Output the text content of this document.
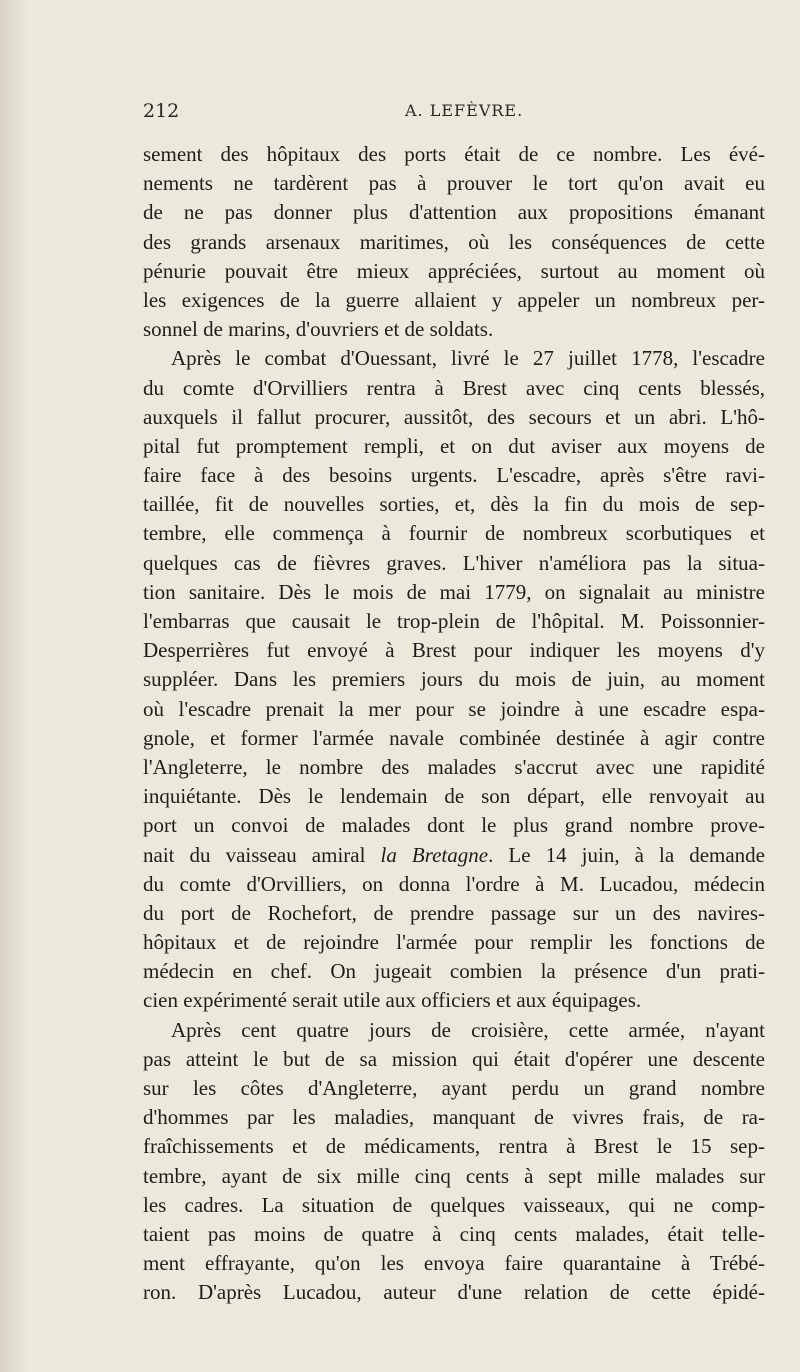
212	A. LEFÈVRE.
sement des hôpitaux des ports était de ce nombre. Les évé-
nements ne tardèrent pas à prouver le tort qu'on avait eu
de ne pas donner plus d'attention aux propositions émanant
des grands arsenaux maritimes, où les conséquences de cette
pénurie pouvait être mieux appréciées, surtout au moment où
les exigences de la guerre allaient y appeler un nombreux per-
sonnel de marins, d'ouvriers et de soldats.
Après le combat d'Ouessant, livré le 27 juillet 1778, l'escadre
du comte d'Orvilliers rentra à Brest avec cinq cents blessés,
auxquels il fallut procurer, aussitôt, des secours et un abri. L'hô-
pital fut promptement rempli, et on dut aviser aux moyens de
faire face à des besoins urgents. L'escadre, après s'être ravi-
taillée, fit de nouvelles sorties, et, dès la fin du mois de sep-
tembre, elle commença à fournir de nombreux scorbutiques et
quelques cas de fièvres graves. L'hiver n'améliora pas la situa-
tion sanitaire. Dès le mois de mai 1779, on signalait au ministre
l'embarras que causait le trop-plein de l'hôpital. M. Poissonnier-
Desperrières fut envoyé à Brest pour indiquer les moyens d'y
suppléer. Dans les premiers jours du mois de juin, au moment
où l'escadre prenait la mer pour se joindre à une escadre espa-
gnole, et former l'armée navale combinée destinée à agir contre
l'Angleterre, le nombre des malades s'accrut avec une rapidité
inquiétante. Dès le lendemain de son départ, elle renvoyait au
port un convoi de malades dont le plus grand nombre prove-
nait du vaisseau amiral la Bretagne. Le 14 juin, à la demande
du comte d'Orvilliers, on donna l'ordre à M. Lucadou, médecin
du port de Rochefort, de prendre passage sur un des navires-
hôpitaux et de rejoindre l'armée pour remplir les fonctions de
médecin en chef. On jugeait combien la présence d'un prati-
cien expérimenté serait utile aux officiers et aux équipages.
Après cent quatre jours de croisière, cette armée, n'ayant
pas atteint le but de sa mission qui était d'opérer une descente
sur les côtes d'Angleterre, ayant perdu un grand nombre
d'hommes par les maladies, manquant de vivres frais, de ra-
fraîchissements et de médicaments, rentra à Brest le 15 sep-
tembre, ayant de six mille cinq cents à sept mille malades sur
les cadres. La situation de quelques vaisseaux, qui ne comp-
taient pas moins de quatre à cinq cents malades, était telle-
ment effrayante, qu'on les envoya faire quarantaine à Trébé-
ron. D'après Lucadou, auteur d'une relation de cette épidé-
